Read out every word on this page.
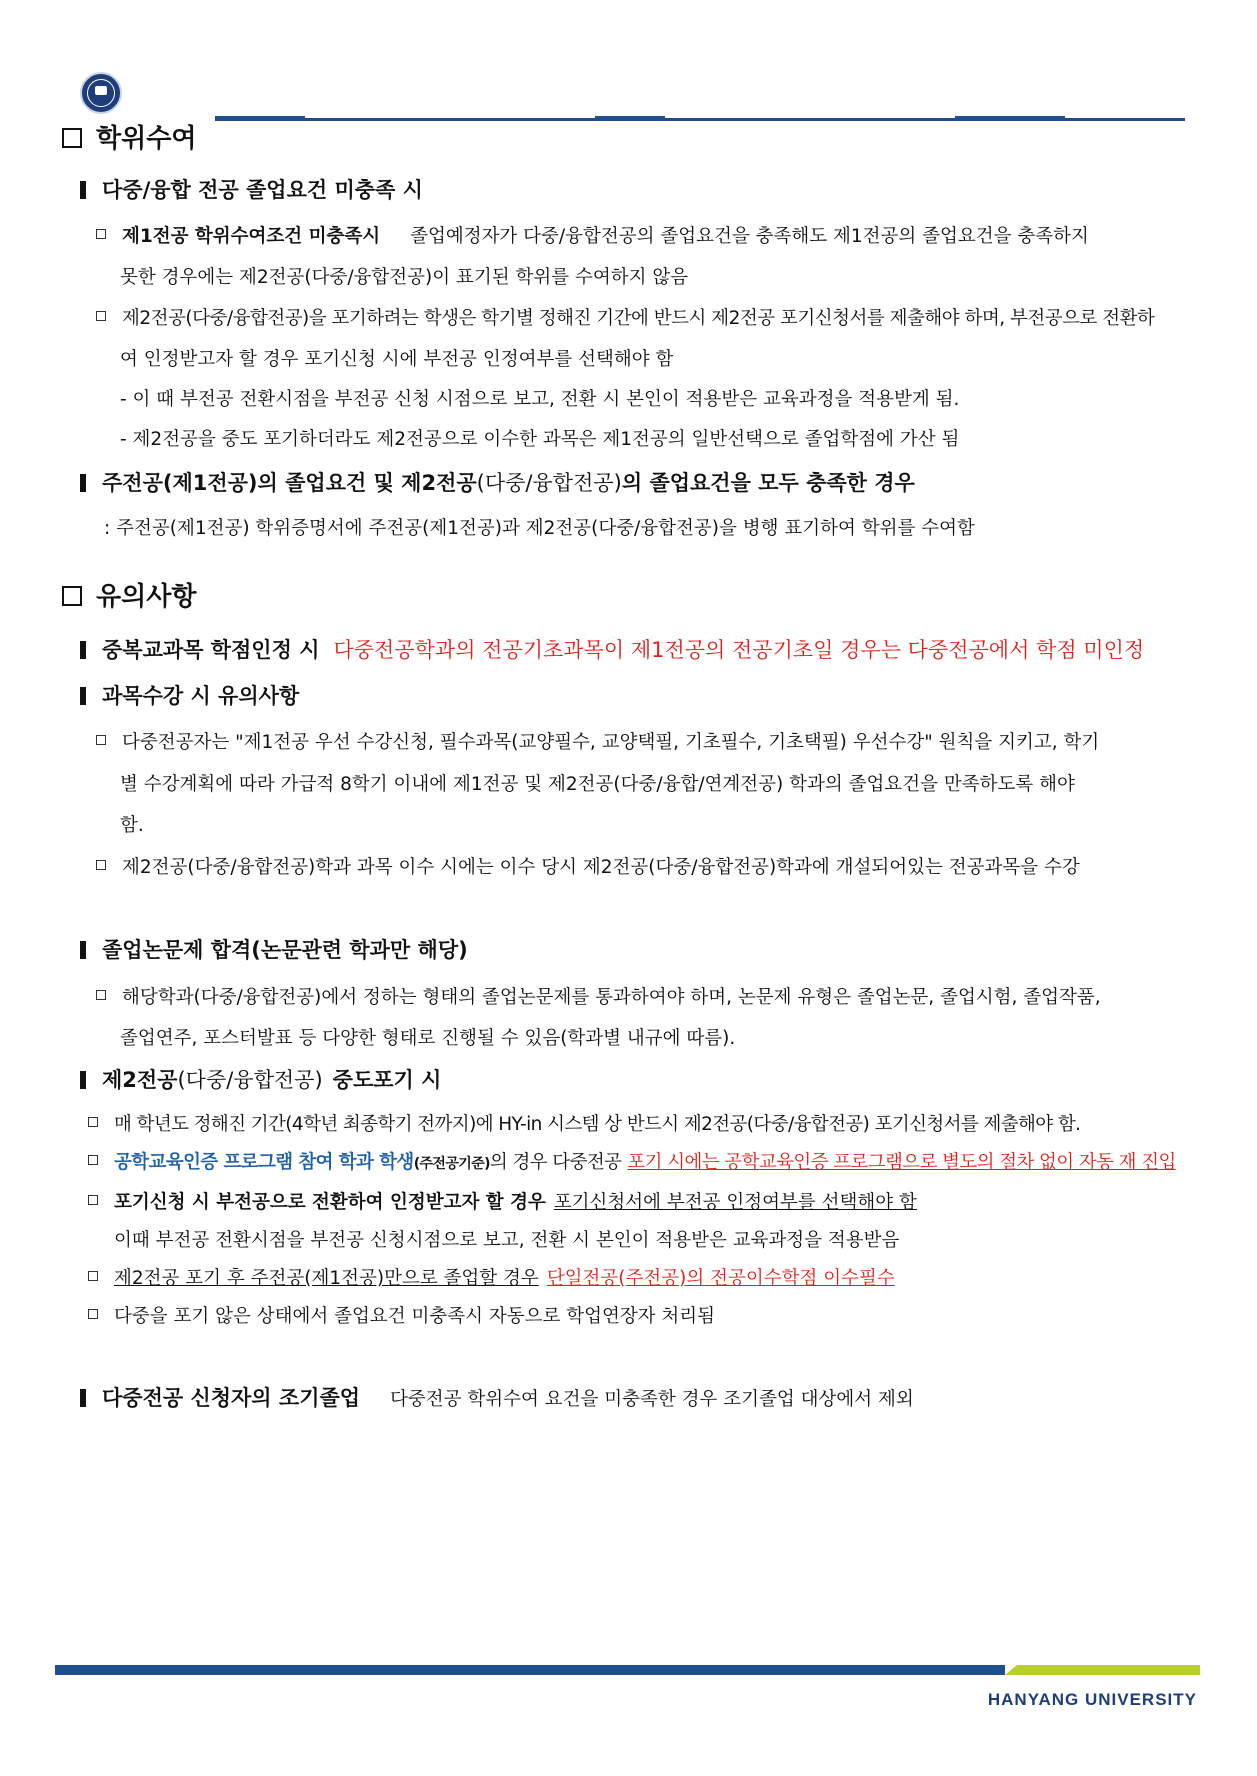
학위수여
다중/융합 전공 졸업요건 미충족 시
제1전공 학위수여조건 미충족시 졸업예정자가 다중/융합전공의 졸업요건을 충족해도 제1전공의 졸업요건을 충족하지
못한 경우에는 제2전공(다중/융합전공)이 표기된 학위를 수여하지 않음
제2전공(다중/융합전공)을 포기하려는 학생은 학기별 정해진 기간에 반드시 제2전공 포기신청서를 제출해야 하며, 부전공으로 전환하
여 인정받고자 할 경우 포기신청 시에 부전공 인정여부를 선택해야 함
- 이 때 부전공 전환시점을 부전공 신청 시점으로 보고, 전환 시 본인이 적용받은 교육과정을 적용받게 됨.
- 제2전공을 중도 포기하더라도 제2전공으로 이수한 과목은 제1전공의 일반선택으로 졸업학점에 가산 됨
주전공(제1전공)의 졸업요건 및 제2전공(다중/융합전공)의 졸업요건을 모두 충족한 경우
: 주전공(제1전공) 학위증명서에 주전공(제1전공)과 제2전공(다중/융합전공)을 병행 표기하여 학위를 수여함
유의사항
중복교과목 학점인정 시 다중전공학과의 전공기초과목이 제1전공의 전공기초일 경우는 다중전공에서 학점 미인정
과목수강 시 유의사항
다중전공자는 "제1전공 우선 수강신청, 필수과목(교양필수, 교양택필, 기초필수, 기초택필) 우선수강" 원칙을 지키고, 학기
별 수강계획에 따라 가급적 8학기 이내에 제1전공 및 제2전공(다중/융합/연계전공) 학과의 졸업요건을 만족하도록 해야
함.
제2전공(다중/융합전공)학과 과목 이수 시에는 이수 당시 제2전공(다중/융합전공)학과에 개설되어있는 전공과목을 수강
졸업논문제 합격(논문관련 학과만 해당)
해당학과(다중/융합전공)에서 정하는 형태의 졸업논문제를 통과하여야 하며, 논문제 유형은 졸업논문, 졸업시험, 졸업작품,
졸업연주, 포스터발표 등 다양한 형태로 진행될 수 있음(학과별 내규에 따름).
제2전공(다중/융합전공) 중도포기 시
매 학년도 정해진 기간(4학년 최종학기 전까지)에 HY-in 시스템 상 반드시 제2전공(다중/융합전공) 포기신청서를 제출해야 함.
공학교육인증 프로그램 참여 학과 학생(주전공기준)의 경우 다중전공 포기 시에는 공학교육인증 프로그램으로 별도의 절차 없이 자동 재 진입
포기신청 시 부전공으로 전환하여 인정받고자 할 경우 포기신청서에 부전공 인정여부를 선택해야 함
이때 부전공 전환시점을 부전공 신청시점으로 보고, 전환 시 본인이 적용받은 교육과정을 적용받음
제2전공 포기 후 주전공(제1전공)만으로 졸업할 경우 단일전공(주전공)의 전공이수학점 이수필수
다중을 포기 않은 상태에서 졸업요건 미충족시 자동으로 학업연장자 처리됨
다중전공 신청자의 조기졸업 다중전공 학위수여 요건을 미충족한 경우 조기졸업 대상에서 제외
HANYANG UNIVERSITY
